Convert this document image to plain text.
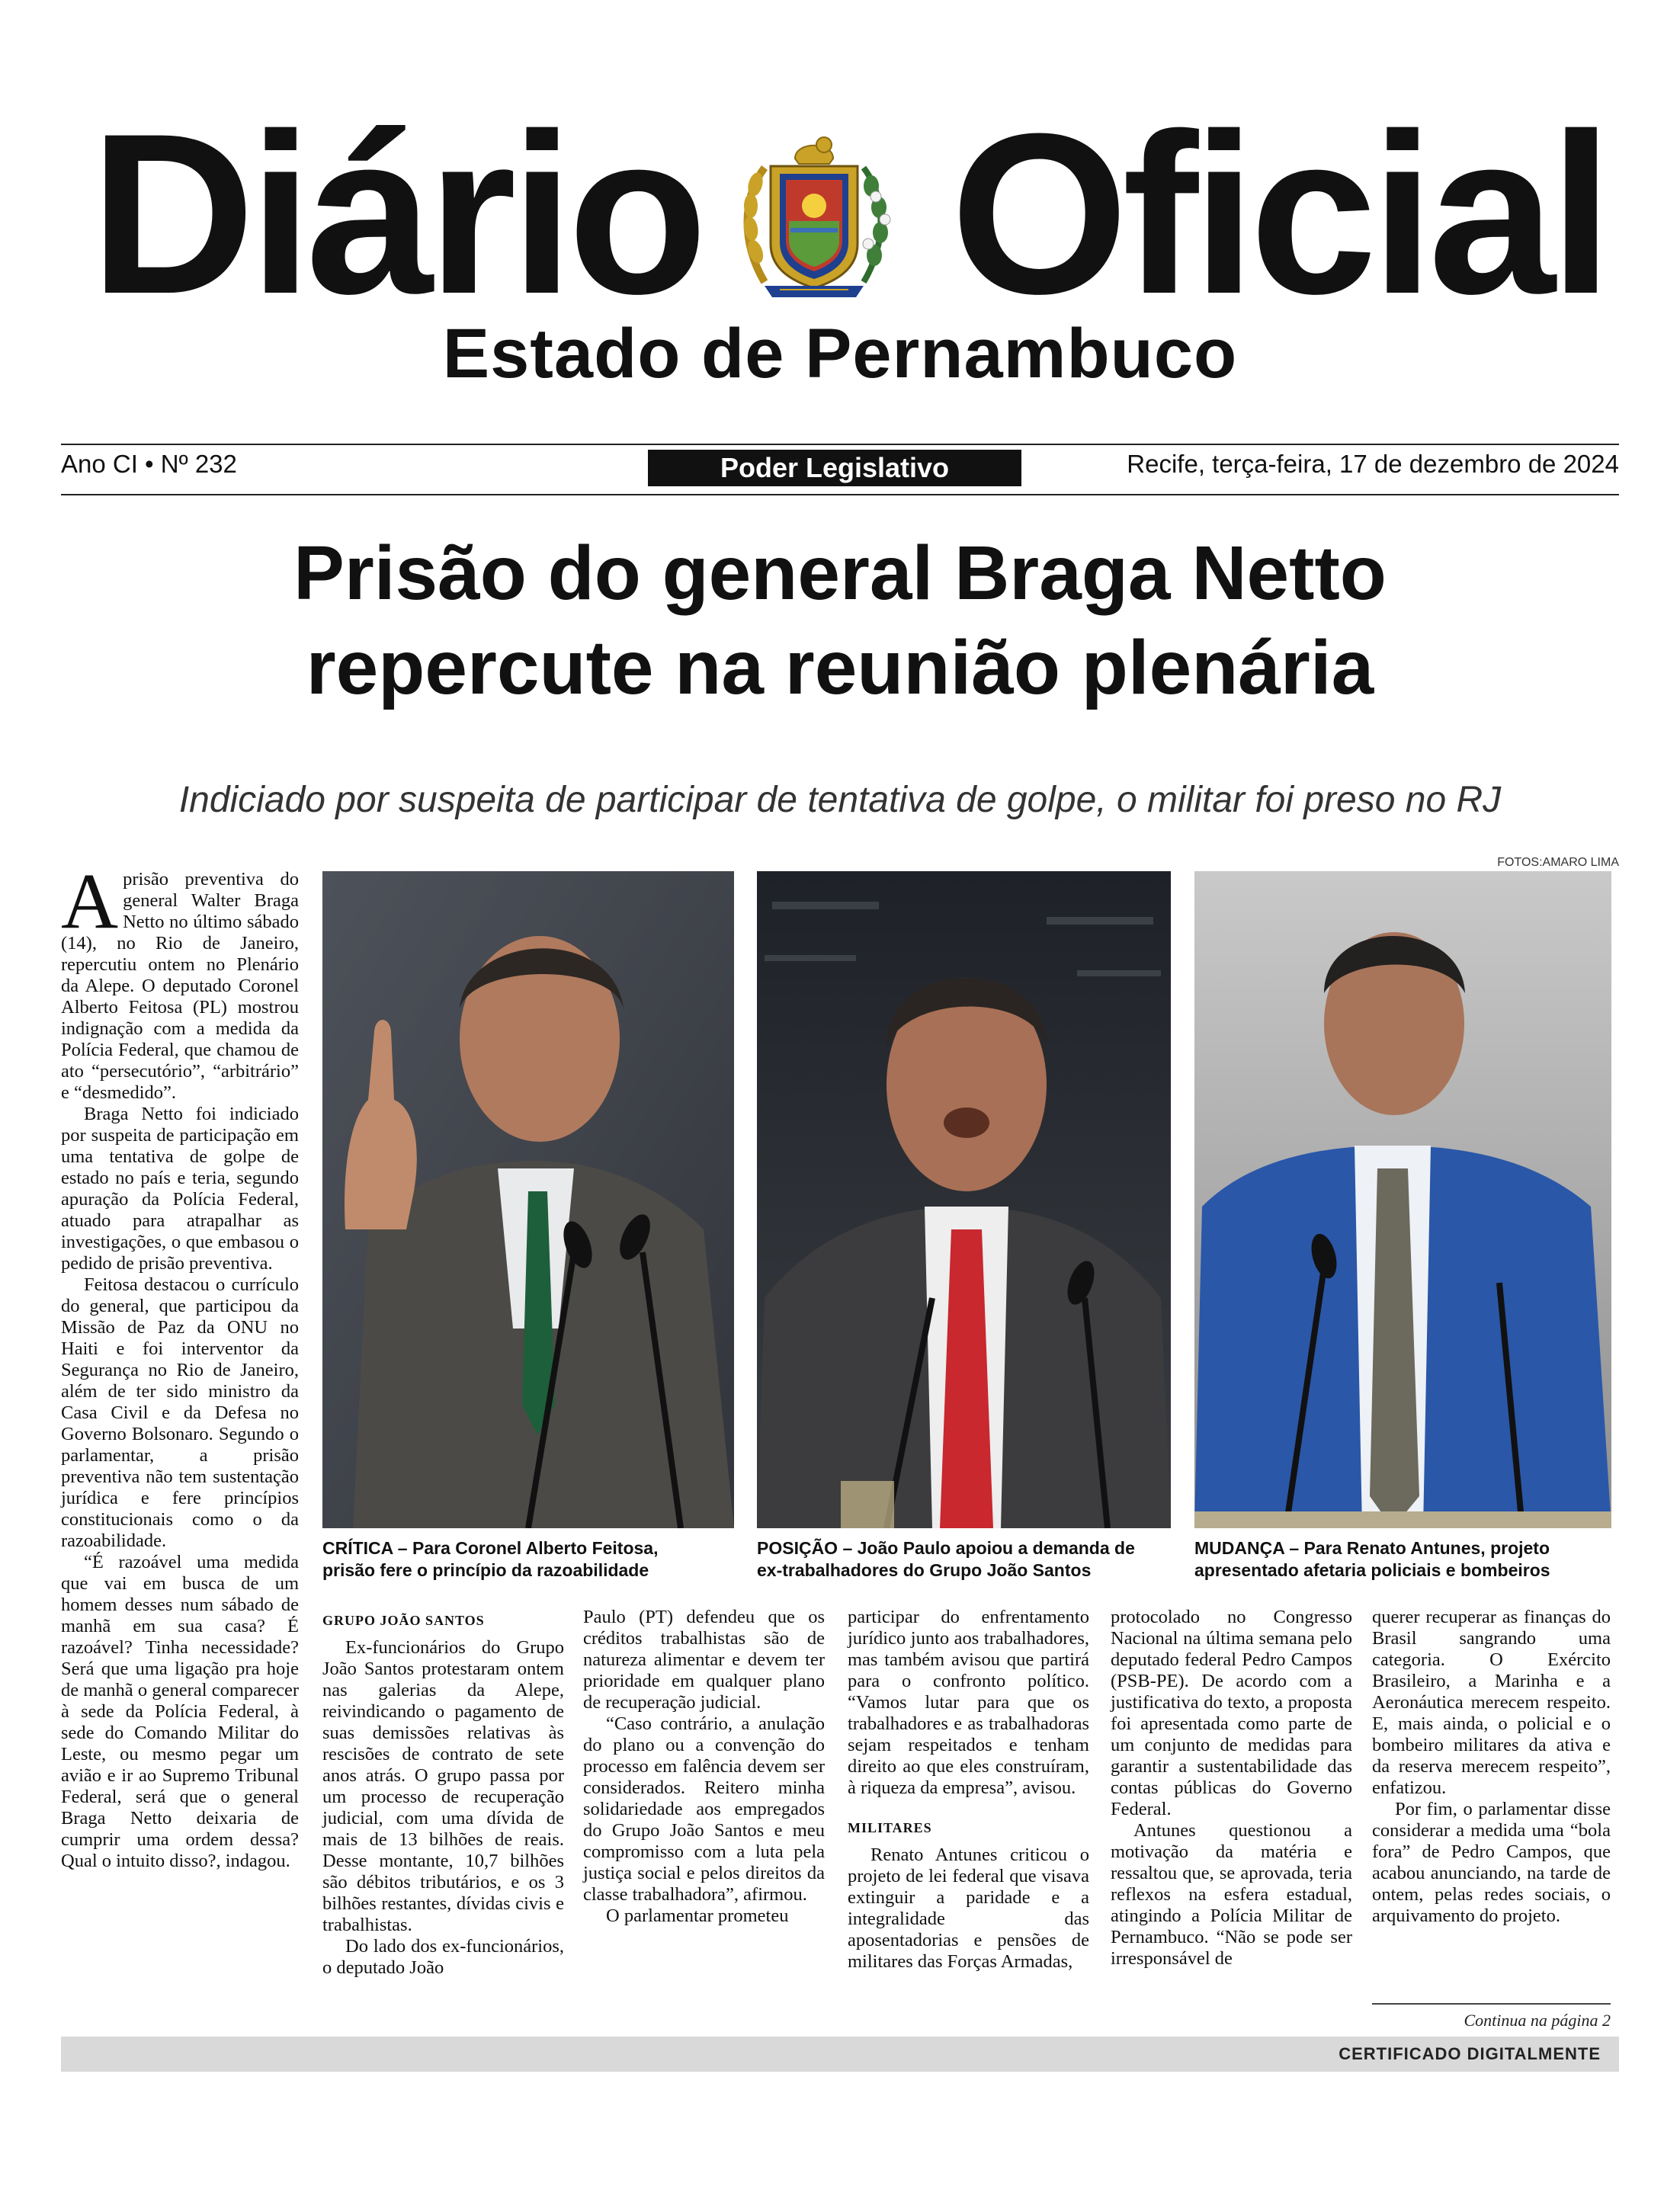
Diário Oficial
Estado de Pernambuco
Ano CI • Nº 232	Poder Legislativo	Recife, terça-feira, 17 de dezembro de 2024
Prisão do general Braga Netto
repercute na reunião plenária
Indiciado por suspeita de participar de tentativa de golpe, o militar foi preso no RJ
FOTOS:AMARO LIMA
CRÍTICA – Para Coronel Alberto Feitosa,
prisão fere o princípio da razoabilidade
POSIÇÃO – João Paulo apoiou a demanda de
ex-trabalhadores do Grupo João Santos
MUDANÇA – Para Renato Antunes, projeto
apresentado afetaria policiais e bombeiros

Aprisão preventiva do general Walter Braga Netto no último sábado (14), no Rio de Janeiro, repercutiu ontem no Plenário da Alepe. O deputado Coronel Alberto Feitosa (PL) mostrou indignação com a medida da Polícia Federal, que chamou de ato “persecutório”, “arbitrário” e “desmedido”.

Braga Netto foi indiciado por suspeita de participação em uma tentativa de golpe de estado no país e teria, segundo apuração da Polícia Federal, atuado para atrapalhar as investigações, o que embasou o pedido de prisão preventiva.

Feitosa destacou o currículo do general, que participou da Missão de Paz da ONU no Haiti e foi interventor da Segurança no Rio de Janeiro, além de ter sido ministro da Casa Civil e da Defesa no Governo Bolsonaro. Segundo o parlamentar, a prisão preventiva não tem sustentação jurídica e fere princípios constitucionais como o da razoabilidade.

“É razoável uma medida que vai em busca de um homem desses num sábado de manhã em sua casa? É razoável? Tinha necessidade? Será que uma ligação pra hoje de manhã o general comparecer à sede da Polícia Federal, à sede do Comando Militar do Leste, ou mesmo pegar um avião e ir ao Supremo Tribunal Federal, será que o general Braga Netto deixaria de cumprir uma ordem dessa? Qual o intuito disso?, indagou.

GRUPO JOÃO SANTOS

Ex-funcionários do Grupo João Santos protestaram ontem nas galerias da Alepe, reivindicando o pagamento de suas demissões relativas às rescisões de contrato de sete anos atrás. O grupo passa por um processo de recuperação judicial, com uma dívida de mais de 13 bilhões de reais. Desse montante, 10,7 bilhões são débitos tributários, e os 3 bilhões restantes, dívidas civis e trabalhistas.

Do lado dos ex-funcionários, o deputado João

Paulo (PT) defendeu que os créditos trabalhistas são de natureza alimentar e devem ter prioridade em qualquer plano de recuperação judicial.

“Caso contrário, a anulação do plano ou a convenção do processo em falência devem ser considerados. Reitero minha solidariedade aos empregados do Grupo João Santos e meu compromisso com a luta pela justiça social e pelos direitos da classe trabalhadora”, afirmou.

O parlamentar prometeu

participar do enfrentamento jurídico junto aos trabalhadores, mas também avisou que partirá para o confronto político. “Vamos lutar para que os trabalhadores e as trabalhadoras sejam respeitados e tenham direito ao que eles construíram, à riqueza da empresa”, avisou.

MILITARES

Renato Antunes criticou o projeto de lei federal que visava extinguir a paridade e a integralidade das aposentadorias e pensões de militares das Forças Armadas,

protocolado no Congresso Nacional na última semana pelo deputado federal Pedro Campos (PSB-PE). De acordo com a justificativa do texto, a proposta foi apresentada como parte de um conjunto de medidas para garantir a sustentabilidade das contas públicas do Governo Federal.

Antunes questionou a motivação da matéria e ressaltou que, se aprovada, teria reflexos na esfera estadual, atingindo a Polícia Militar de Pernambuco. “Não se pode ser irresponsável de

querer recuperar as finanças do Brasil sangrando uma categoria. O Exército Brasileiro, a Marinha e a Aeronáutica merecem respeito. E, mais ainda, o policial e o bombeiro militares da ativa e da reserva merecem respeito”, enfatizou.

Por fim, o parlamentar disse considerar a medida uma “bola fora” de Pedro Campos, que acabou anunciando, na tarde de ontem, pelas redes sociais, o arquivamento do projeto.

Continua na página 2
CERTIFICADO DIGITALMENTE
